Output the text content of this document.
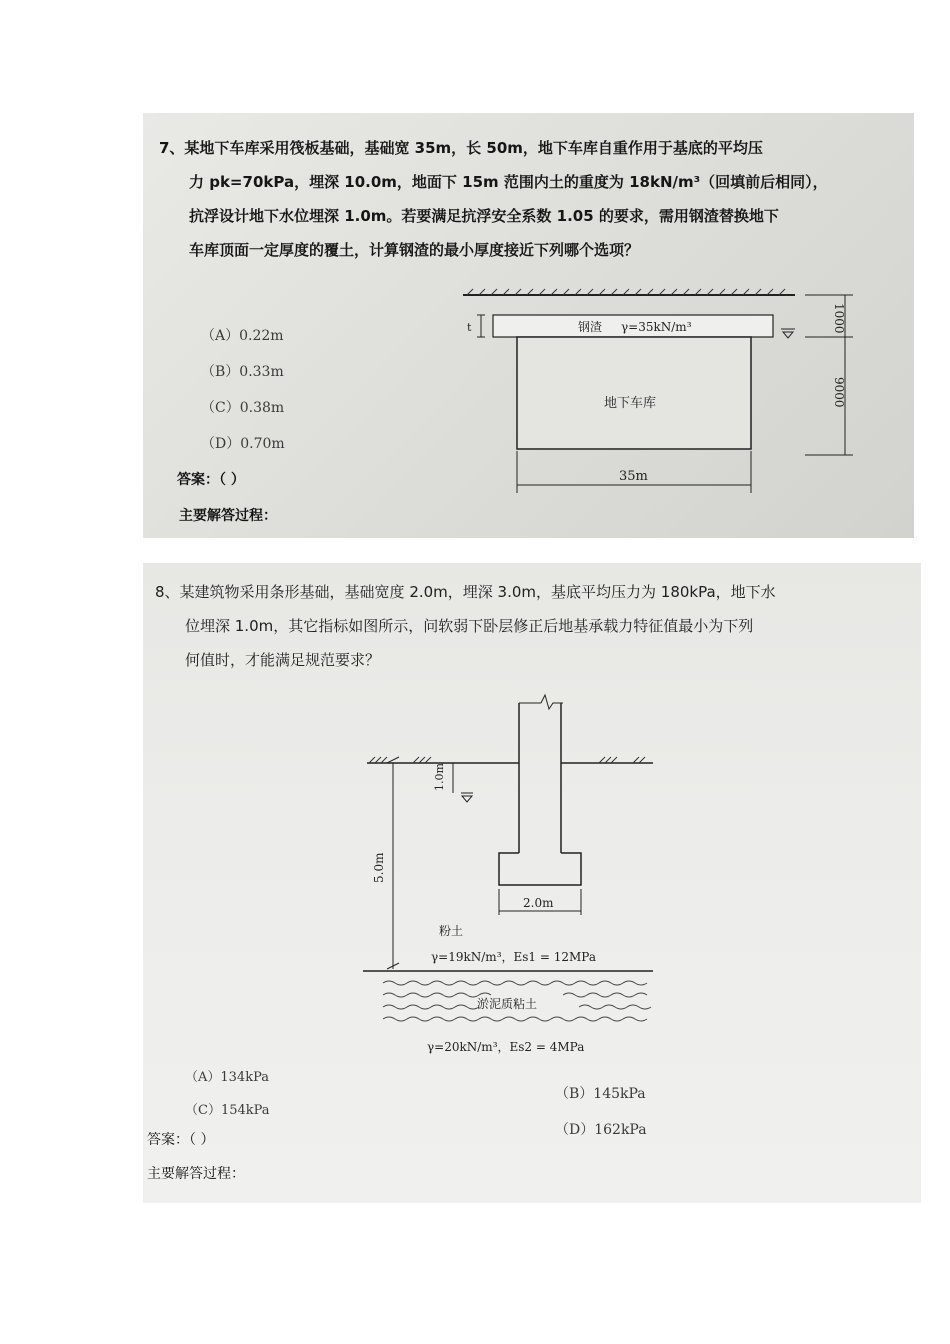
7、某地下车库采用筏板基础，基础宽 35m，长 50m，地下车库自重作用于基底的平均压
力 pk=70kPa，埋深 10.0m，地面下 15m 范围内土的重度为 18kN/m³（回填前后相同），
抗浮设计地下水位埋深 1.0m。若要满足抗浮安全系数 1.05 的要求，需用钢渣替换地下
车库顶面一定厚度的覆土，计算钢渣的最小厚度接近下列哪个选项？
（A）0.22m
（B）0.33m
（C）0.38m
（D）0.70m
答案：（ ）
主要解答过程：
钢渣 γ=35kN/m³
t
地下车库
35m
1000
9000
8、某建筑物采用条形基础，基础宽度 2.0m，埋深 3.0m，基底平均压力为 180kPa，地下水
位埋深 1.0m，其它指标如图所示，问软弱下卧层修正后地基承载力特征值最小为下列
何值时，才能满足规范要求？
1.0m
5.0m
2.0m
粉土
γ=19kN/m³，Es1 = 12MPa
淤泥质粘土
γ=20kN/m³，Es2 = 4MPa
（A）134kPa
（B）145kPa
（C）154kPa
（D）162kPa
答案：（ ）
主要解答过程：
